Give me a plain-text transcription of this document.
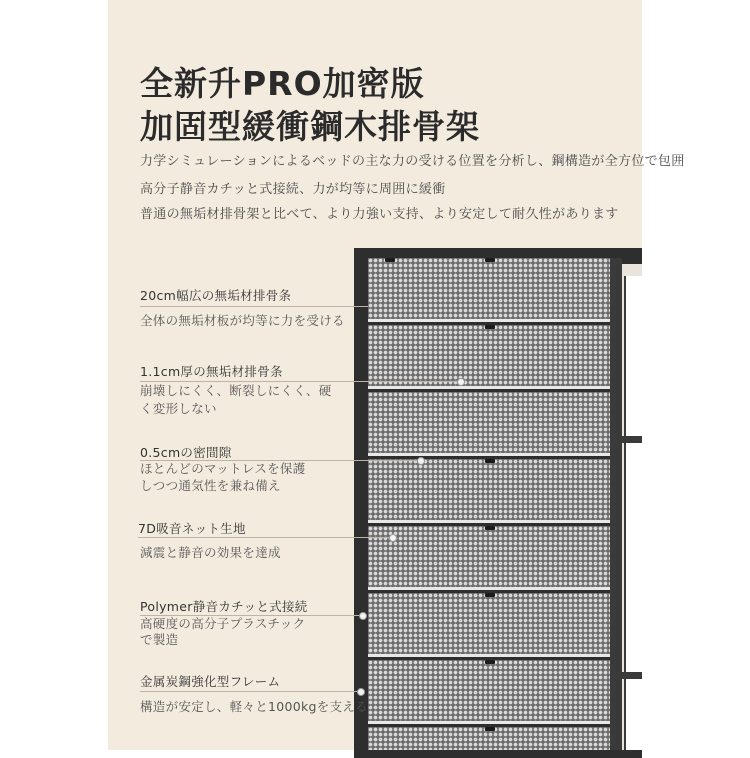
全新升PRO加密版
加固型緩衝鋼木排骨架
力学シミュレーションによるベッドの主な力の受ける位置を分析し、鋼構造が全方位で包囲
高分子静音カチッと式接続、力が均等に周囲に緩衝
普通の無垢材排骨架と比べて、より力強い支持、より安定して耐久性があります
20cm幅広の無垢材排骨条
全体の無垢材板が均等に力を受ける
1.1cm厚の無垢材排骨条
崩壊しにくく、断裂しにくく、硬
く変形しない
0.5cmの密間隙
ほとんどのマットレスを保護
しつつ通気性を兼ね備え
7D吸音ネット生地
減震と静音の効果を達成
Polymer静音カチッと式接続
高硬度の高分子プラスチック
で製造
金属炭鋼強化型フレーム
構造が安定し、軽々と1000kgを支える
